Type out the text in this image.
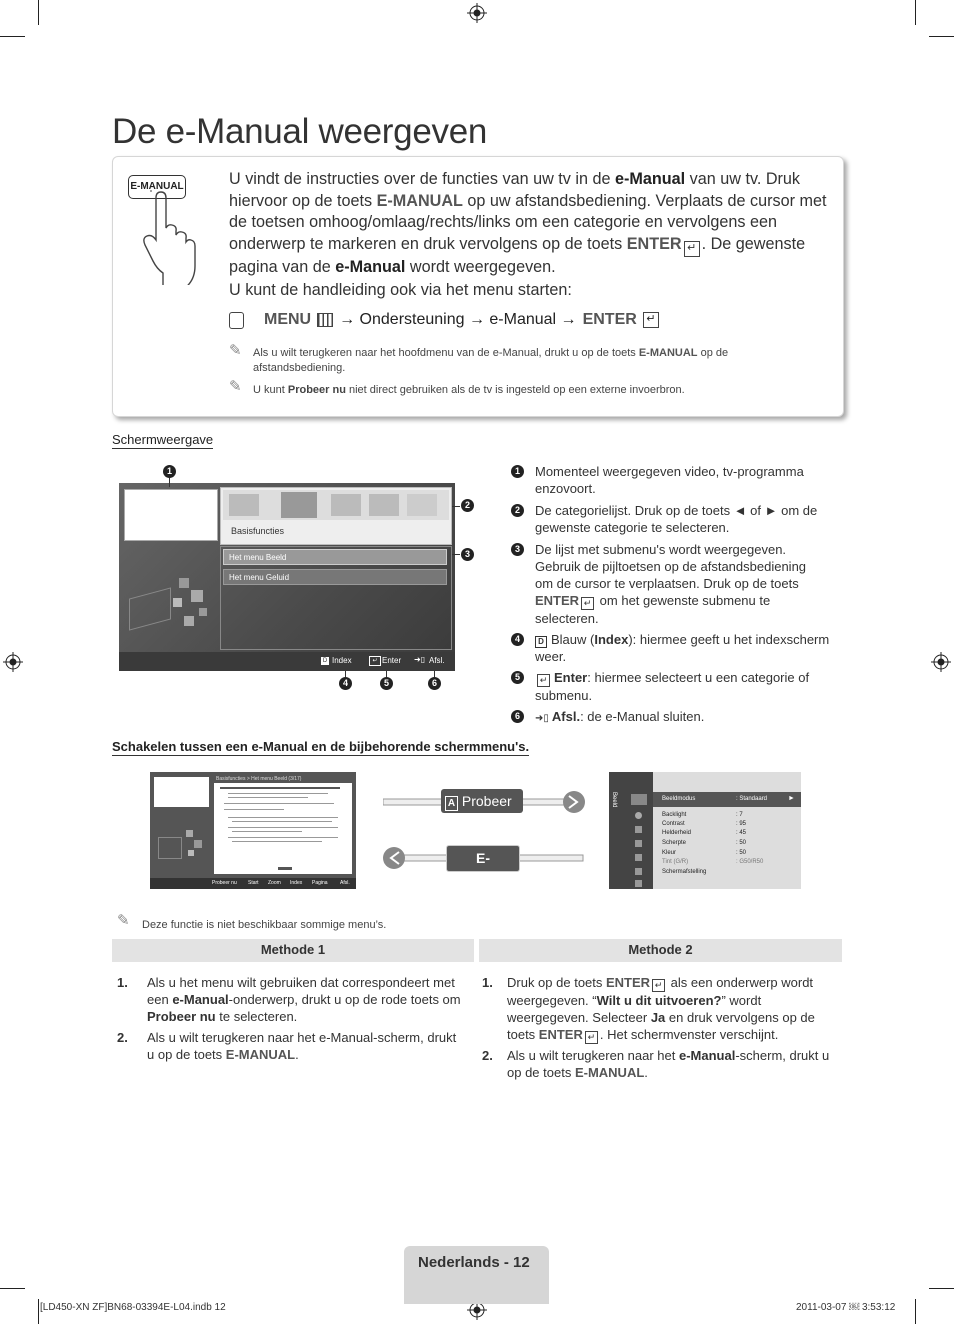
De e-Manual weergeven
E-MANUAL	U vindt de instructies over de functies van uw tv in de e-Manual van uw tv. Druk hiervoor op de toets E-MANUAL op uw afstandsbediening. Verplaats de cursor met de toetsen omhoog/omlaag/rechts/links om een categorie en vervolgens een onderwerp te markeren en druk vervolgens op de toets ENTER ↵ . De gewenste pagina van de e-Manual wordt weergegeven.
U kunt de handleiding ook via het menu starten:
MENU → Ondersteuning → e-Manual → ENTER ↵
✎ Als u wilt terugkeren naar het hoofdmenu van de e-Manual, drukt u op de toets E-MANUAL op de afstandsbediening.
✎ U kunt Probeer nu niet direct gebruiken als de tv is ingesteld op een externe invoerbron.
Schermweergave
Basisfuncties
Het menu Beeld
Het menu Geluid
D Index	↵ Enter ➜▯ Afsl.
1
2
3
4	5	6
1	Momenteel weergegeven video, tv-programma enzovoort.
2	De categorielijst. Druk op de toets ◄ of ► om de gewenste categorie te selecteren.
3	De lijst met submenu's wordt weergegeven. Gebruik de pijltoetsen op de afstandsbediening om de cursor te verplaatsen. Druk op de toets ENTER ↵ om het gewenste submenu te selecteren.
4	D Blauw (Index): hiermee geeft u het indexscherm weer.
5	↵ Enter: hiermee selecteert u een categorie of submenu.
6	➜▯ Afsl.: de e-Manual sluiten.
Schakelen tussen een e-Manual en de bijbehorende schermmenu's.
Basisfuncties > Het menu Beeld (3/17)
Probeer nu Start Zoom Index Pagina Afsl.
A Probeer nu
E-MANUAL
Beeld	Beeldmodus	: Standaard	►
Backlight	: 7
Contrast	: 95
Helderheid	: 45
Scherpte	: 50
Kleur	: 50
Tint (G/R)	: G50/R50
Schermafstelling
✎ Deze functie is niet beschikbaar sommige menu’s.
Methode 1	Methode 2
1. Als u het menu wilt gebruiken dat correspondeert met een e-Manual-onderwerp, drukt u op de rode toets om Probeer nu te selecteren.
2. Als u wilt terugkeren naar het e-Manual-scherm, drukt u op de toets E-MANUAL.
1. Druk op de toets ENTER ↵ als een onderwerp wordt weergegeven. “Wilt u dit uitvoeren?” wordt weergegeven. Selecteer Ja en druk vervolgens op de toets ENTER ↵ . Het schermvenster verschijnt.
2. Als u wilt terugkeren naar het e-Manual-scherm, drukt u op de toets E-MANUAL.
Nederlands - 12
[LD450-XN ZF]BN68-03394E-L04.indb 12	2011-03-07 ￼ 3:53:12
